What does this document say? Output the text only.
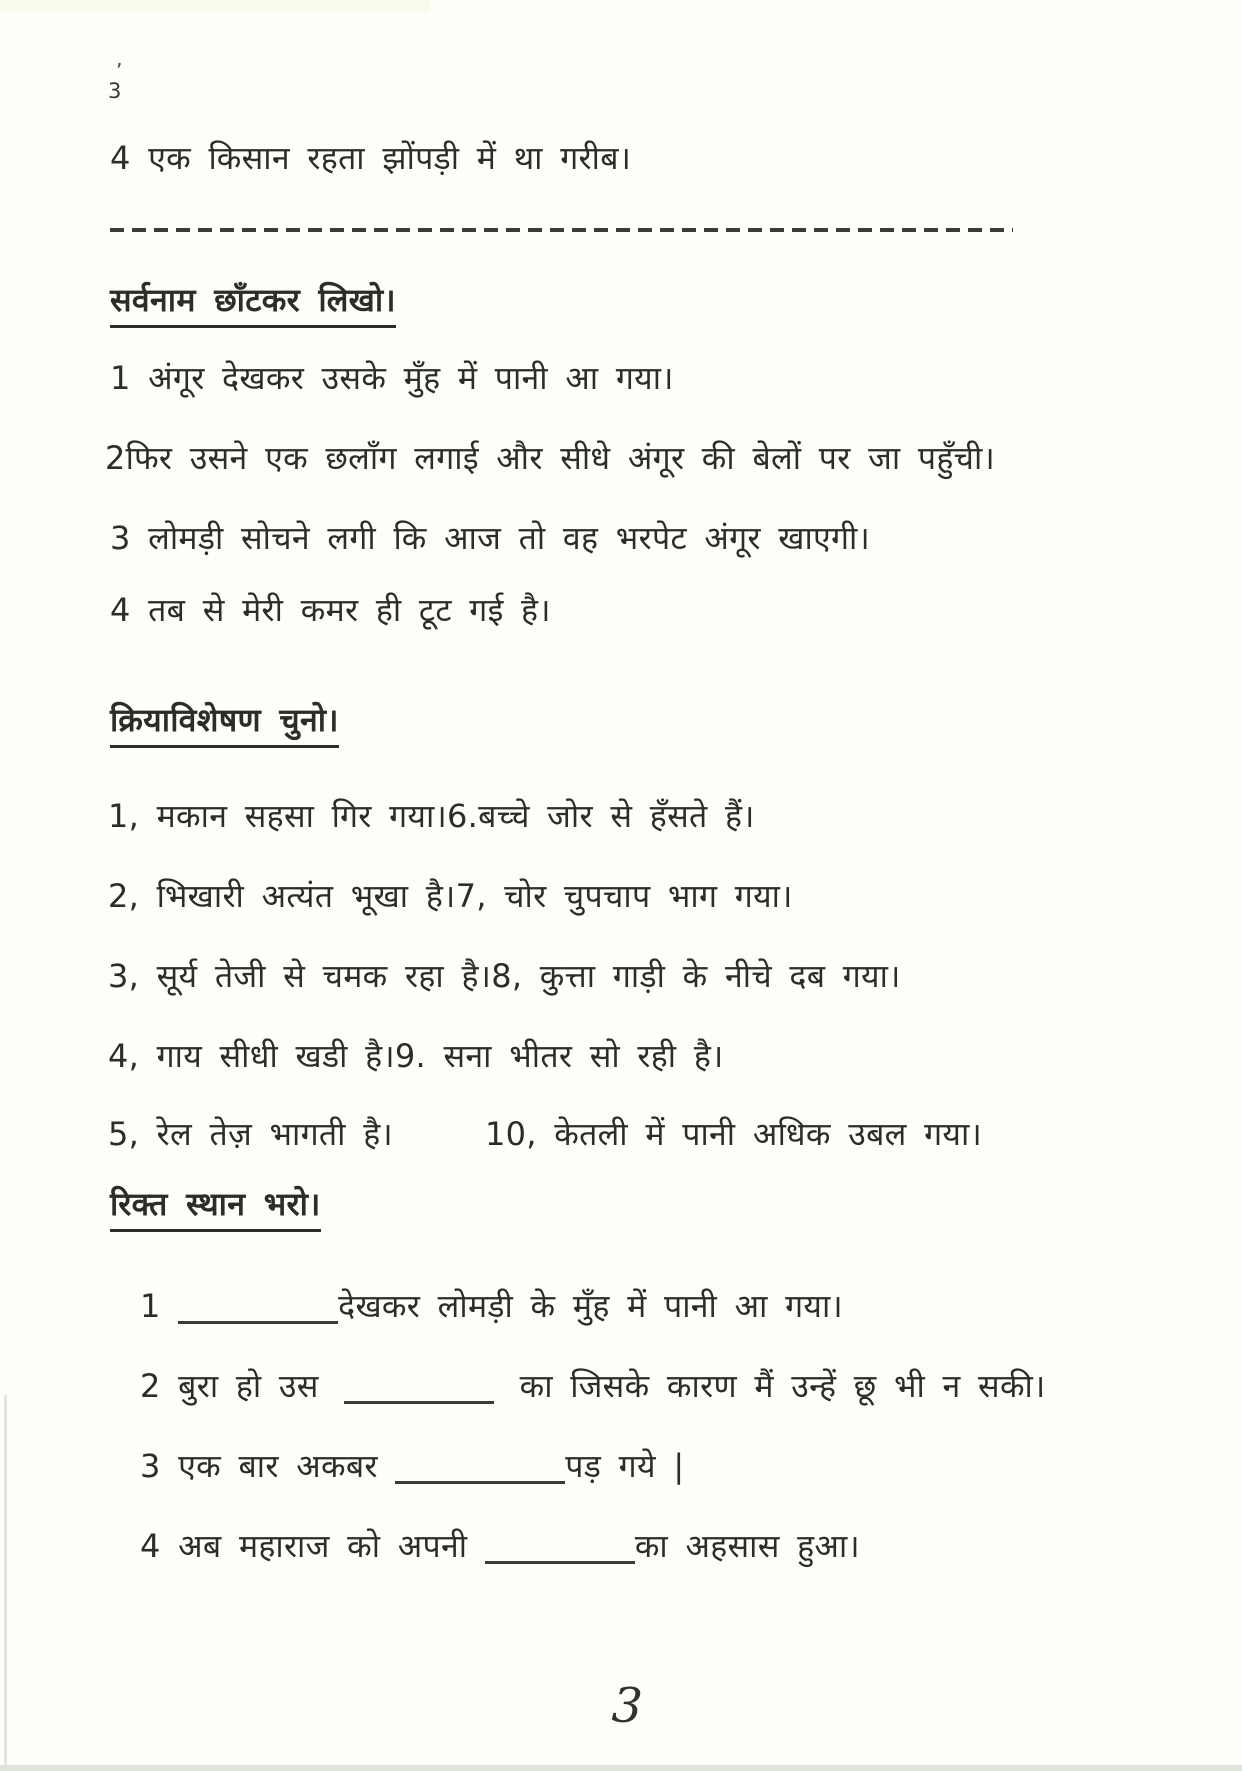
’
3
4 एक किसान रहता झोंपड़ी में था गरीब।
सर्वनाम छाँटकर लिखो।
1 अंगूर देखकर उसके मुँह में पानी आ गया।
2फिर उसने एक छलाँग लगाई और सीधे अंगूर की बेलों पर जा पहुँची।
3 लोमड़ी सोचने लगी कि आज तो वह भरपेट अंगूर खाएगी।
4 तब से मेरी कमर ही टूट गई है।
क्रियाविशेषण चुनो।
1, मकान सहसा गिर गया।6.बच्चे जोर से हँसते हैं।
2, भिखारी अत्यंत भूखा है।7, चोर चुपचाप भाग गया।
3, सूर्य तेजी से चमक रहा है।8, कुत्ता गाड़ी के नीचे दब गया।
4, गाय सीधी खडी है।9. सना भीतर सो रही है।
5, रेल तेज़ भागती है।	10, केतली में पानी अधिक उबल गया।
रिक्त स्थान भरो।
1	देखकर लोमड़ी के मुँह में पानी आ गया।
2 बुरा हो उस	का जिसके कारण मैं उन्हें छू भी न सकी।
3 एक बार अकबर	पड़ गये |
4 अब महाराज को अपनी	का अहसास हुआ।
3
